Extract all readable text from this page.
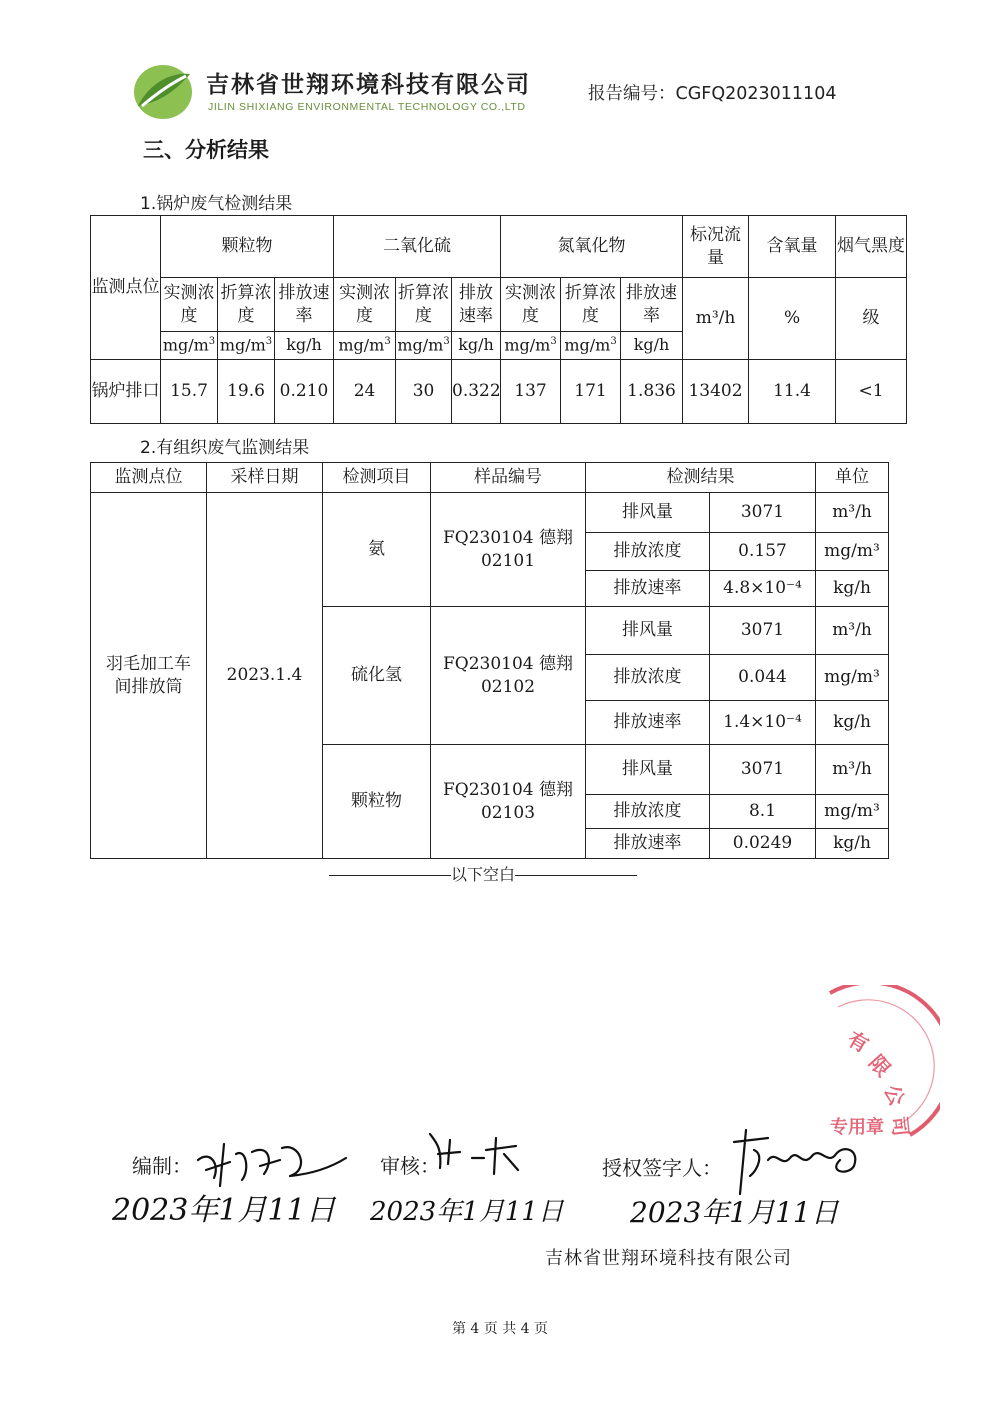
吉林省世翔环境科技有限公司
JILIN SHIXIANG ENVIRONMENTAL TECHNOLOGY CO.,LTD
报告编号：CGFQ2023011104
三、分析结果
1.锅炉废气检测结果
监测点位	颗粒物			二氧化硫			氮氧化物			标况流量	含氧量	烟气黑度
	实测浓度	折算浓度	排放速率	实测浓度	折算浓度	排放速率	实测浓度	折算浓度	排放速率	m³/h	%	级
	$mg/m^3$	$mg/m^3$	kg/h	$mg/m^3$	$mg/m^3$	kg/h	$mg/m^3$	$mg/m^3$	kg/h			
锅炉排口	15.7	19.6	0.210	24	30	0.322	137	171	1.836	13402	11.4	<1
2.有组织废气监测结果
监测点位	采样日期	检测项目	样品编号	检测结果		单位
羽毛加工车间排放筒	2023.1.4	氨	FQ230104 德翔 02101	排风量	3071	m³/h
				排放浓度	0.157	mg/m³
				排放速率	4.8×10⁻⁴	kg/h
		硫化氢	FQ230104 德翔 02102	排风量	3071	m³/h
				排放浓度	0.044	mg/m³
				排放速率	1.4×10⁻⁴	kg/h
		颗粒物	FQ230104 德翔 02103	排风量	3071	m³/h
				排放浓度	8.1	mg/m³
				排放速率	0.0249	kg/h
以下空白
有
限
公
司
专用章
编制：	审核：	授权签字人：
2023年1月11日 2023年1月11日 2023年1月11日
吉林省世翔环境科技有限公司
第 4 页 共 4 页
